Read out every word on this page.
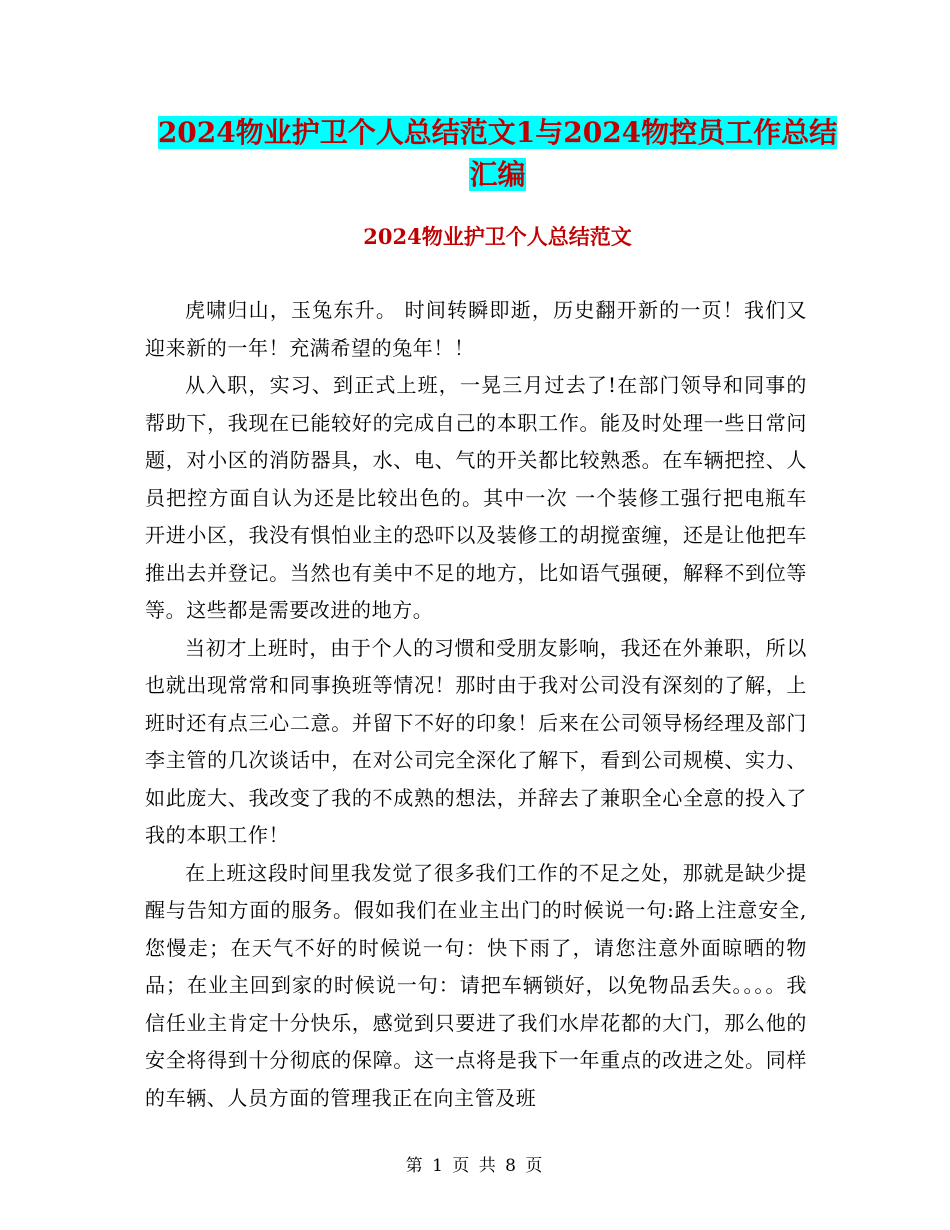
2024物业护卫个人总结范文1与2024物控员工作总结
汇编
2024物业护卫个人总结范文

虎啸归山，玉兔东升。 时间转瞬即逝，历史翻开新的一页！我们又迎来新的一年！充满希望的兔年！！

从入职，实习、到正式上班，一晃三月过去了!在部门领导和同事的帮助下，我现在已能较好的完成自己的本职工作。能及时处理一些日常问题，对小区的消防器具，水、电、气的开关都比较熟悉。在车辆把控、人员把控方面自认为还是比较出色的。其中一次 一个装修工强行把电瓶车开进小区，我没有惧怕业主的恐吓以及装修工的胡搅蛮缠，还是让他把车推出去并登记。当然也有美中不足的地方，比如语气强硬，解释不到位等等。这些都是需要改进的地方。

当初才上班时，由于个人的习惯和受朋友影响，我还在外兼职，所以也就出现常常和同事换班等情况！那时由于我对公司没有深刻的了解，上班时还有点三心二意。并留下不好的印象！后来在公司领导杨经理及部门李主管的几次谈话中，在对公司完全深化了解下，看到公司规模、实力、如此庞大、我改变了我的不成熟的想法，并辞去了兼职全心全意的投入了我的本职工作！

在上班这段时间里我发觉了很多我们工作的不足之处，那就是缺少提醒与告知方面的服务。假如我们在业主出门的时候说一句:路上注意安全,您慢走；在天气不好的时候说一句：快下雨了，请您注意外面晾晒的物品；在业主回到家的时候说一句：请把车辆锁好，以免物品丢失。。。。我信任业主肯定十分快乐，感觉到只要进了我们水岸花都的大门，那么他的安全将得到十分彻底的保障。这一点将是我下一年重点的改进之处。同样的车辆、人员方面的管理我正在向主管及班

第 1 页 共 8 页
